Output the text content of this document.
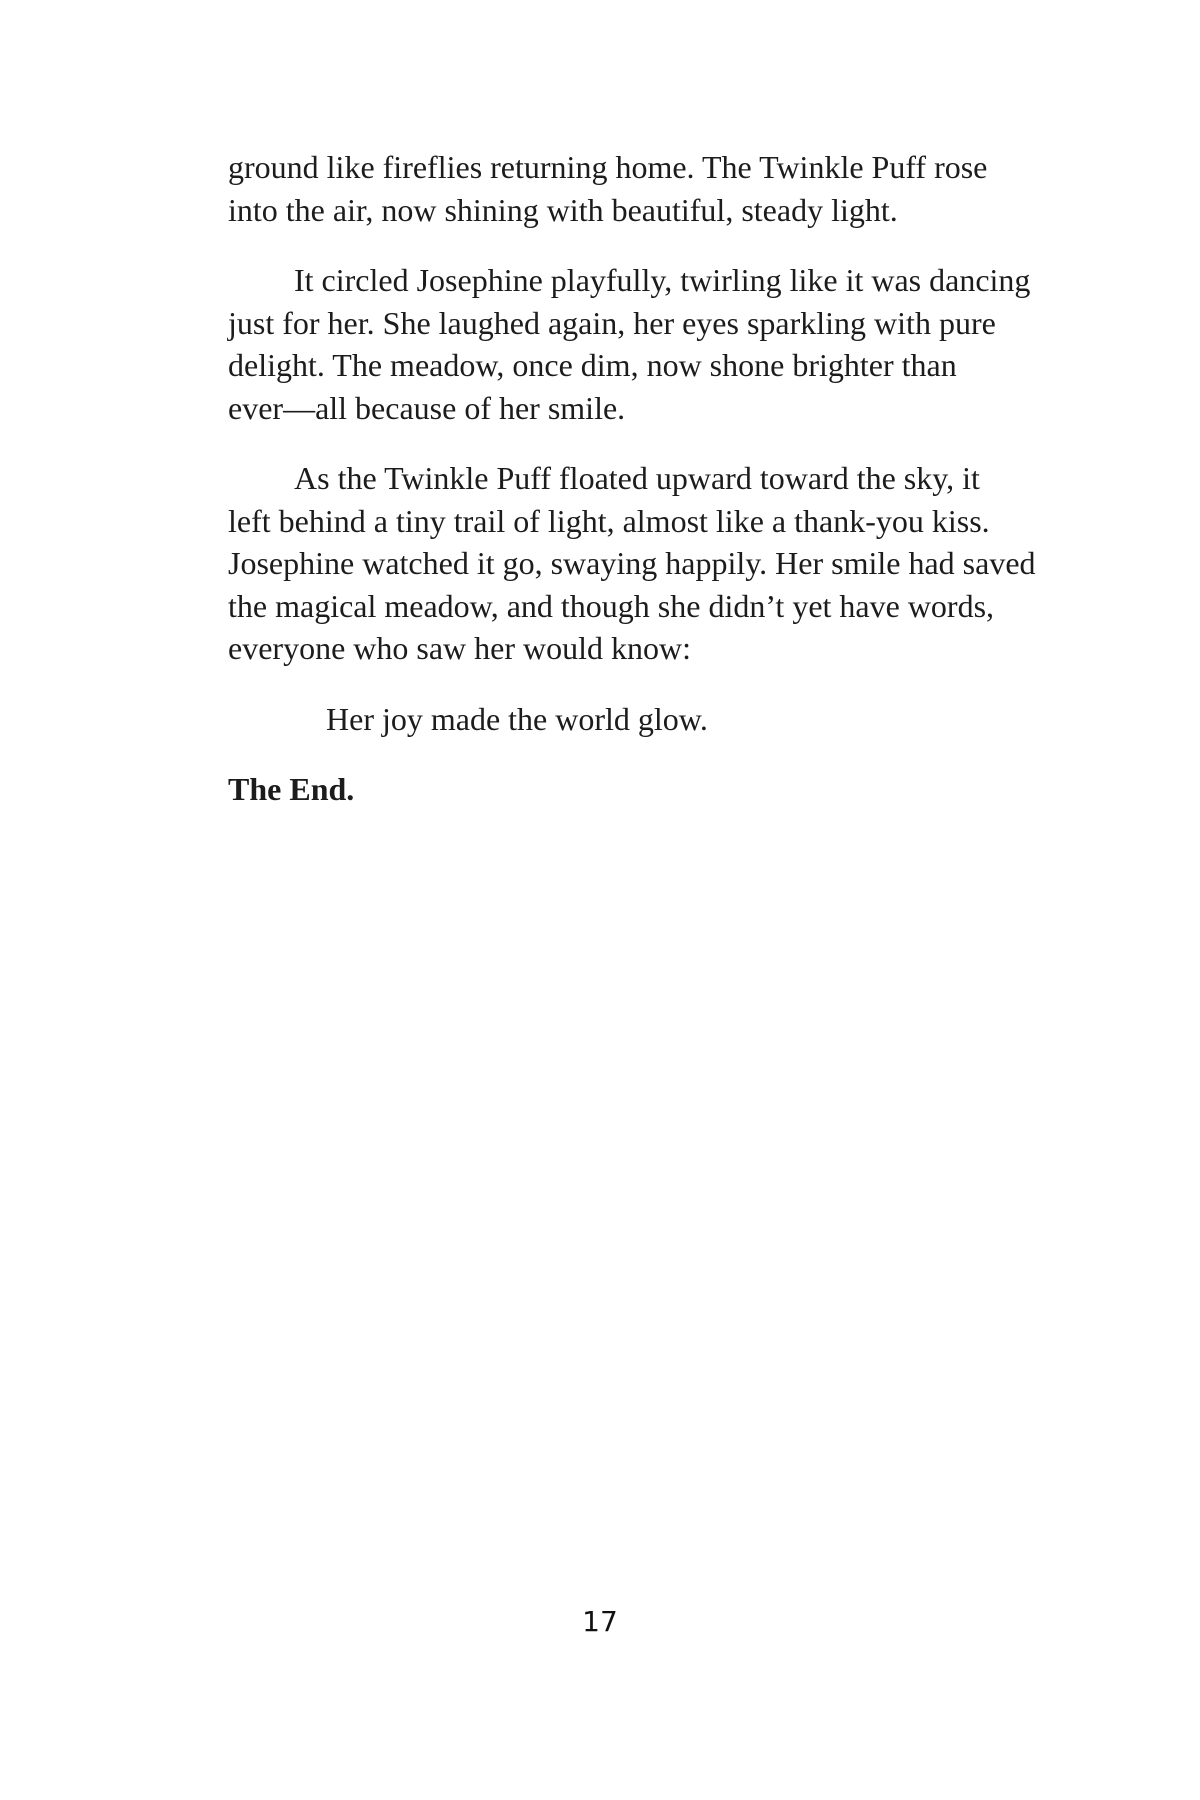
ground like fireflies returning home. The Twinkle Puff rose
into the air, now shining with beautiful, steady light.

It circled Josephine playfully, twirling like it was dancing
just for her. She laughed again, her eyes sparkling with pure
delight. The meadow, once dim, now shone brighter than
ever—all because of her smile.

As the Twinkle Puff floated upward toward the sky, it
left behind a tiny trail of light, almost like a thank-you kiss.
Josephine watched it go, swaying happily. Her smile had saved
the magical meadow, and though she didn’t yet have words,
everyone who saw her would know:

Her joy made the world glow.

The End.

17
